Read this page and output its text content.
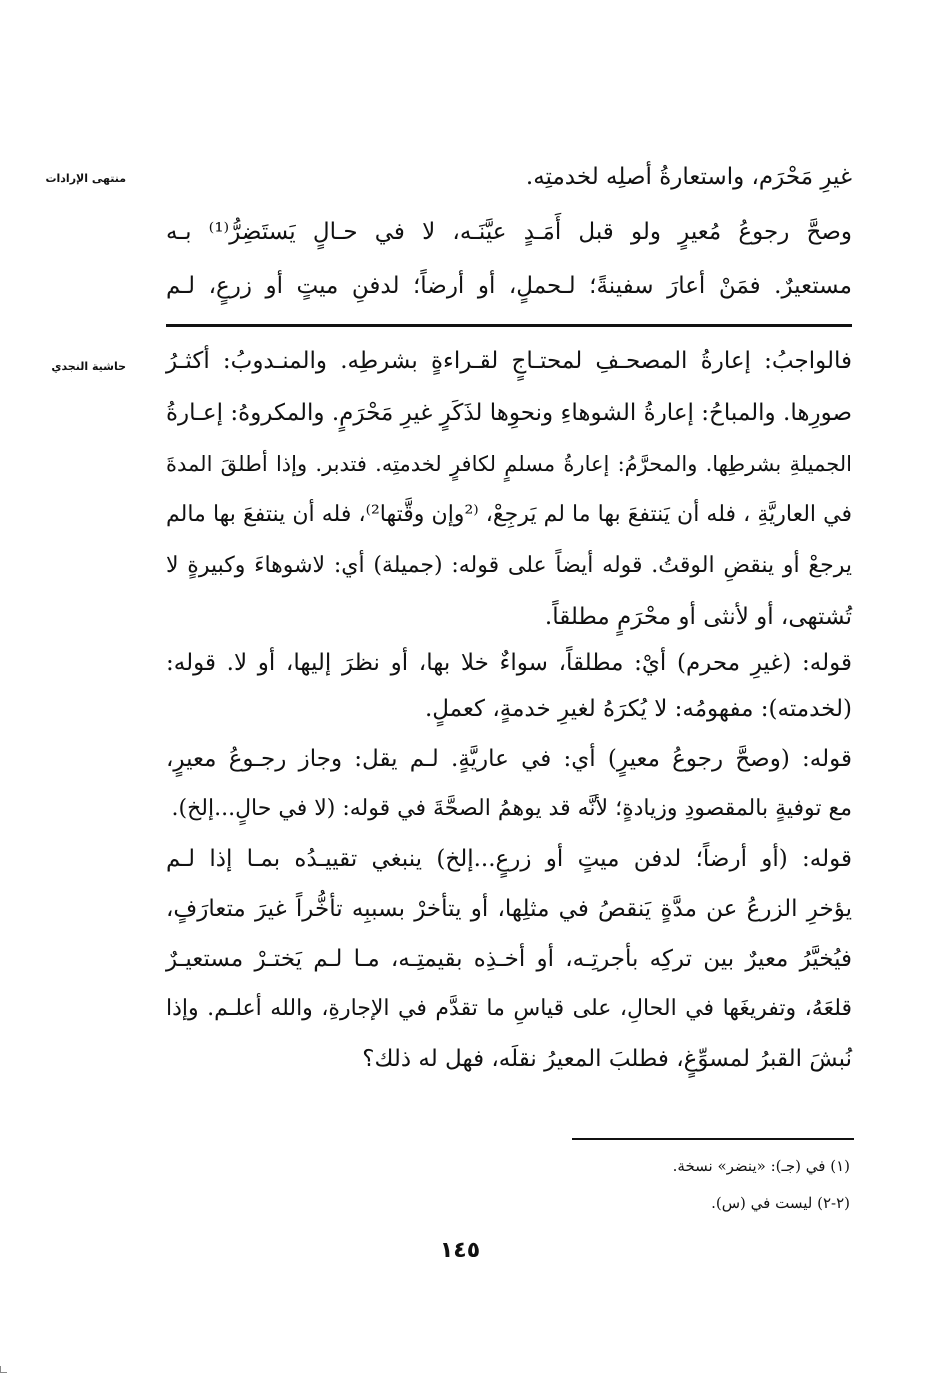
منتهى الإرادات
حاشية النجدي
غيرِ مَحْرَم، واستعارةُ أصلِه لخدمتِه.
وصحَّ رجوعُ مُعيرٍ ولو قبل أَمَـدٍ عيَّنَـه، لا في حـالٍ يَستَضِرُّ⁽¹⁾ بـه
مستعيرٌ. فمَنْ أعارَ سفينةً؛ لـحملٍ، أو أرضاً؛ لدفنِ ميتٍ أو زرعٍ، لـم
فالواجبُ: إعارةُ المصحـفِ لمحتـاجٍ لقـراءةٍ بشرطِه. والمنـدوبُ: أكثـرُ
صورِها. والمباحُ: إعارةُ الشوهاءِ ونحوِها لذَكَرٍ غيرِ مَحْرَمٍ. والمكروهُ: إعـارةُ
الجميلةِ بشرطِها. والمحرَّمُ: إعارةُ مسلمٍ لكافرٍ لخدمتِه. فتدبر. وإذا أطلقَ المدةَ
في العاريَّةِ ، فله أن يَنتفعَ بها ما لم يَرجِعْ، ⁽²وإن وقَّتها²⁾، فله أن ينتفعَ بها مالم
يرجعْ أو ينقضِ الوقتُ. قوله أيضاً على قوله: (جميلة) أي: لاشوهاءَ وكبيرةٍ لا
تُشتهى، أو لأنثى أو محْرَمٍ مطلقاً.
قوله: (غيرِ محرم) أيْ: مطلقاً، سواءٌ خلا بها، أو نظرَ إليها، أو لا. قوله:
(لخدمته): مفهومُه: لا يُكرَهُ لغيرِ خدمةٍ، كعملٍ.
قوله: (وصحَّ رجوعُ معيرٍ) أي: في عاريَّةٍ. لـم يقل: وجاز رجـوعُ معيرٍ،
مع توفيةٍ بالمقصودِ وزيادةٍ؛ لأنَّه قد يوهمُ الصحَّةَ في قوله: (لا في حالٍ...إلخ).
قوله: (أو أرضاً؛ لدفن ميتٍ أو زرعٍ...إلخ) ينبغي تقييـدُه بمـا إذا لـم
يؤخرِ الزرعُ عن مدَّةٍ يَنقصُ في مثلِها، أو يتأخرْ بسببِه تأخُّراً غيرَ متعارَفٍ،
فيُخيَّرُ معيرٌ بين تركِه بأجرتِـه، أو أخـذِه بقيمتِـه، مـا لـم يَختـرْ مستعيـرٌ
قلعَهُ، وتفريغَها في الحالِ، على قياسِ ما تقدَّم في الإجارةِ، والله أعلـم. وإذا
نُبشَ القبرُ لمسوِّغٍ، فطلبَ المعيرُ نقلَه، فهل له ذلك؟
(١) في (جـ): «ينضر» نسخة.
(٢-٢) ليست في (س).
١٤٥
